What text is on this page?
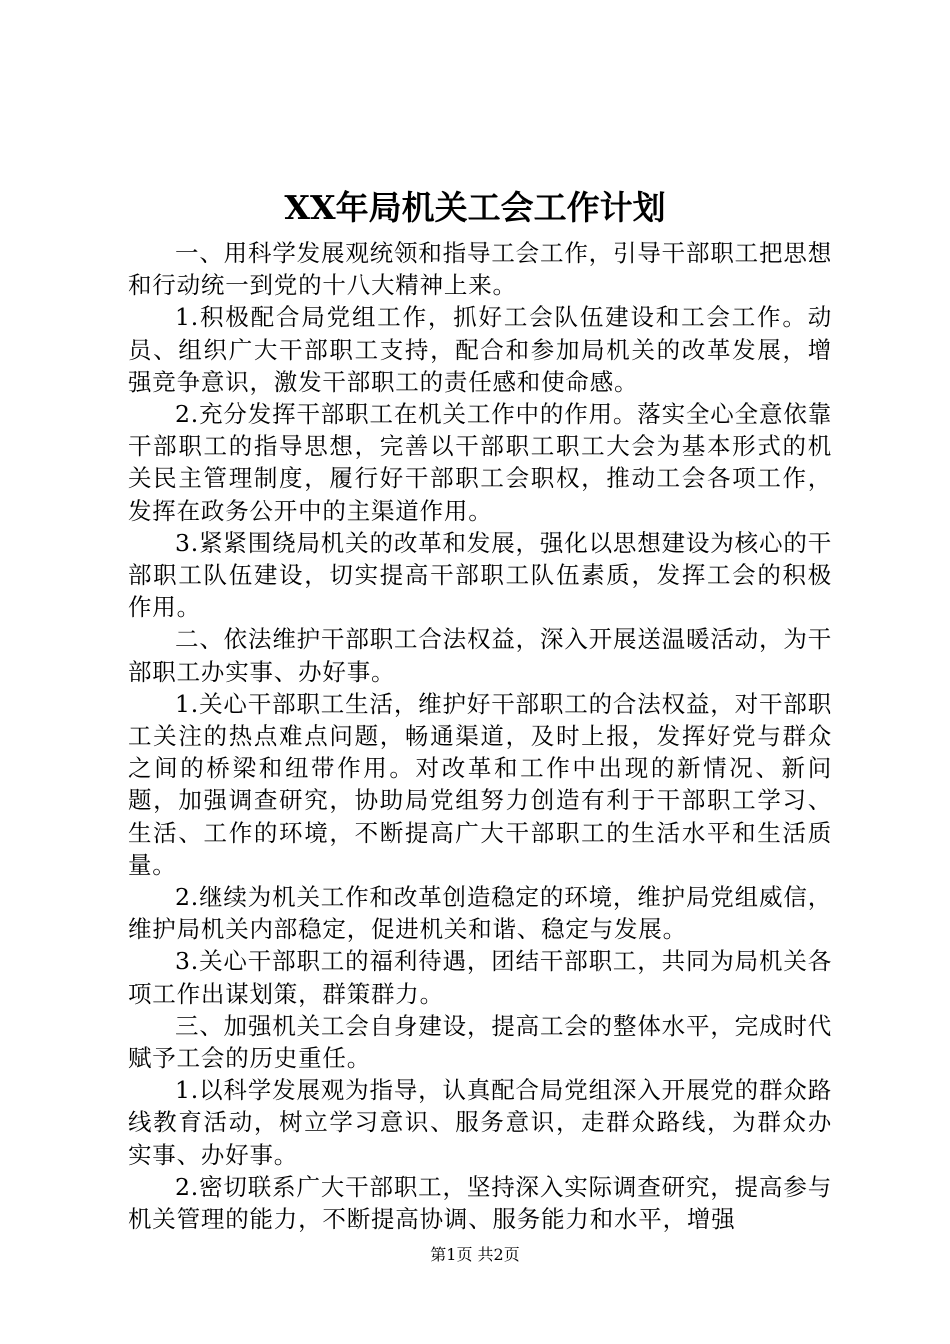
XX年局机关工会工作计划

一、用科学发展观统领和指导工会工作，引导干部职工把思想和行动统一到党的十八大精神上来。

1.积极配合局党组工作，抓好工会队伍建设和工会工作。动员、组织广大干部职工支持，配合和参加局机关的改革发展，增强竞争意识，激发干部职工的责任感和使命感。

2.充分发挥干部职工在机关工作中的作用。落实全心全意依靠干部职工的指导思想，完善以干部职工职工大会为基本形式的机关民主管理制度，履行好干部职工会职权，推动工会各项工作，发挥在政务公开中的主渠道作用。

3.紧紧围绕局机关的改革和发展，强化以思想建设为核心的干部职工队伍建设，切实提高干部职工队伍素质，发挥工会的积极作用。

二、依法维护干部职工合法权益，深入开展送温暖活动，为干部职工办实事、办好事。

1.关心干部职工生活，维护好干部职工的合法权益，对干部职工关注的热点难点问题，畅通渠道，及时上报，发挥好党与群众之间的桥梁和纽带作用。对改革和工作中出现的新情况、新问题，加强调查研究，协助局党组努力创造有利于干部职工学习、生活、工作的环境，不断提高广大干部职工的生活水平和生活质量。

2.继续为机关工作和改革创造稳定的环境，维护局党组威信，维护局机关内部稳定，促进机关和谐、稳定与发展。

3.关心干部职工的福利待遇，团结干部职工，共同为局机关各项工作出谋划策，群策群力。

三、加强机关工会自身建设，提高工会的整体水平，完成时代赋予工会的历史重任。

1.以科学发展观为指导，认真配合局党组深入开展党的群众路线教育活动，树立学习意识、服务意识，走群众路线，为群众办实事、办好事。

2.密切联系广大干部职工，坚持深入实际调查研究，提高参与机关管理的能力，不断提高协调、服务能力和水平，增强

第1页 共2页
